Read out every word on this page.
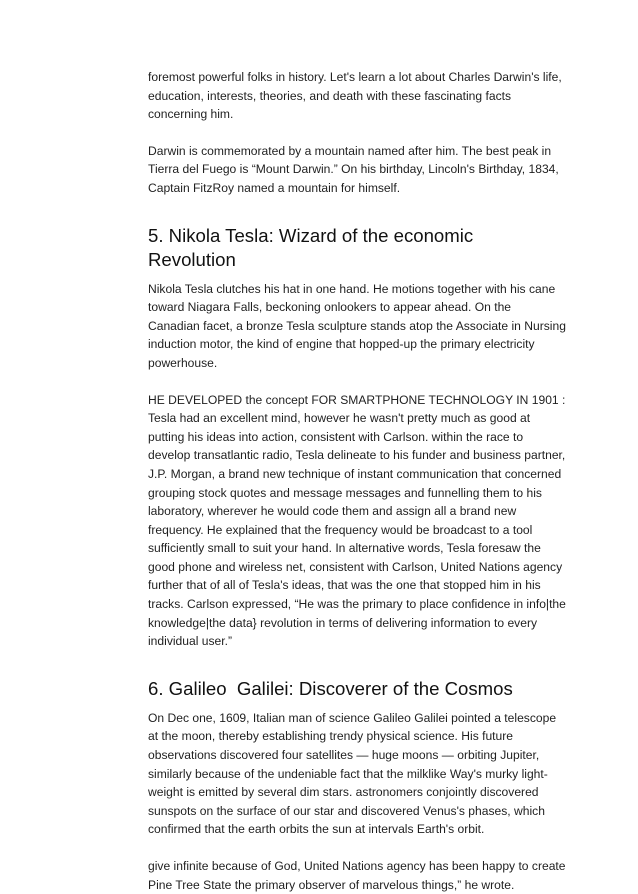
foremost powerful folks in history. Let's learn a lot about Charles Darwin's life, education, interests, theories, and death with these fascinating facts concerning him.

Darwin is commemorated by a mountain named after him. The best peak in Tierra del Fuego is “Mount Darwin.” On his birthday, Lincoln's Birthday, 1834, Captain FitzRoy named a mountain for himself.

5. Nikola Tesla: Wizard of the economic Revolution

Nikola Tesla clutches his hat in one hand. He motions together with his cane toward Niagara Falls, beckoning onlookers to appear ahead. On the Canadian facet, a bronze Tesla sculpture stands atop the Associate in Nursing induction motor, the kind of engine that hopped-up the primary electricity powerhouse.

HE DEVELOPED the concept FOR SMARTPHONE TECHNOLOGY IN 1901 : Tesla had an excellent mind, however he wasn't pretty much as good at putting his ideas into action, consistent with Carlson. within the race to develop transatlantic radio, Tesla delineate to his funder and business partner, J.P. Morgan, a brand new technique of instant communication that concerned grouping stock quotes and message messages and funnelling them to his laboratory, wherever he would code them and assign all a brand new frequency. He explained that the frequency would be broadcast to a tool sufficiently small to suit your hand. In alternative words, Tesla foresaw the good phone and wireless net, consistent with Carlson, United Nations agency further that of all of Tesla's ideas, that was the one that stopped him in his tracks. Carlson expressed, “He was the primary to place confidence in info|the knowledge|the data} revolution in terms of delivering information to every individual user.”

6. Galileo  Galilei: Discoverer of the Cosmos

On Dec one, 1609, Italian man of science Galileo Galilei pointed a telescope at the moon, thereby establishing trendy physical science. His future observations discovered four satellites — huge moons — orbiting Jupiter, similarly because of the undeniable fact that the milklike Way's murky light-weight is emitted by several dim stars. astronomers conjointly discovered sunspots on the surface of our star and discovered Venus's phases, which confirmed that the earth orbits the sun at intervals Earth's orbit.

give infinite because of God, United Nations agency has been happy to create Pine Tree State the primary observer of marvelous things,” he wrote.
